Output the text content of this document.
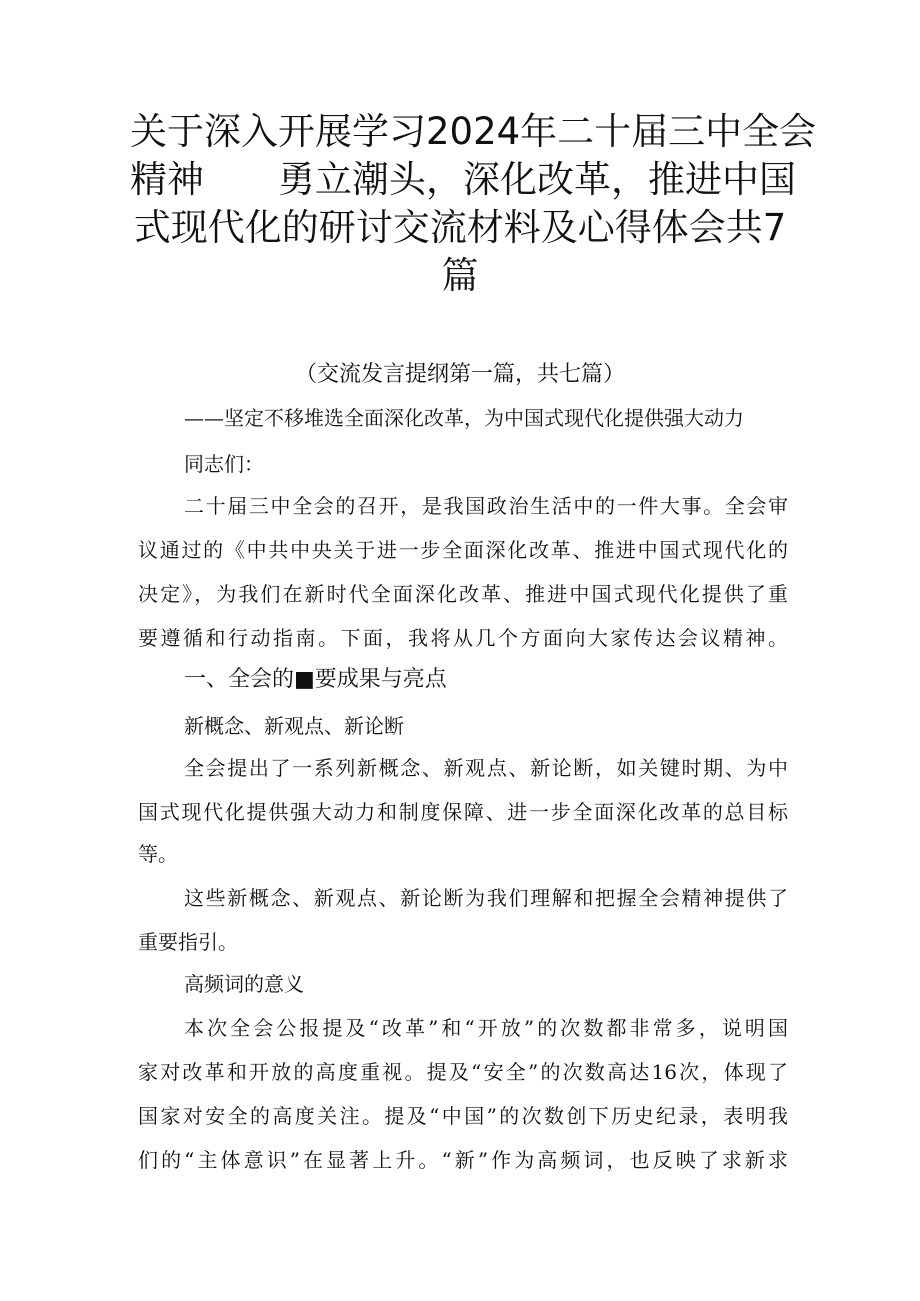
关于深入开展学习2024年二十届三中全会
精神　　勇立潮头，深化改革，推进中国
式现代化的研讨交流材料及心得体会共7
篇
（交流发言提纲第一篇，共七篇）
——坚定不移堆选全面深化改革，为中国式现代化提供强大动力
同志们：
二十届三中全会的召开，是我国政治生活中的一件大事。全会审
议通过的《中共中央关于进一步全面深化改革、推进中国式现代化的
决定》，为我们在新时代全面深化改革、推进中国式现代化提供了重
要遵循和行动指南。下面，我将从几个方面向大家传达会议精神。
一、全会的■要成果与亮点
新概念、新观点、新论断
全会提出了一系列新概念、新观点、新论断，如关键时期、为中
国式现代化提供强大动力和制度保障、进一步全面深化改革的总目标
等。
这些新概念、新观点、新论断为我们理解和把握全会精神提供了
重要指引。
高频词的意义
本次全会公报提及“改革”和“开放”的次数都非常多，说明国
家对改革和开放的高度重视。提及“安全”的次数高达16次，体现了
国家对安全的高度关注。提及“中国”的次数创下历史纪录，表明我
们的“主体意识”在显著上升。“新”作为高频词，也反映了求新求
